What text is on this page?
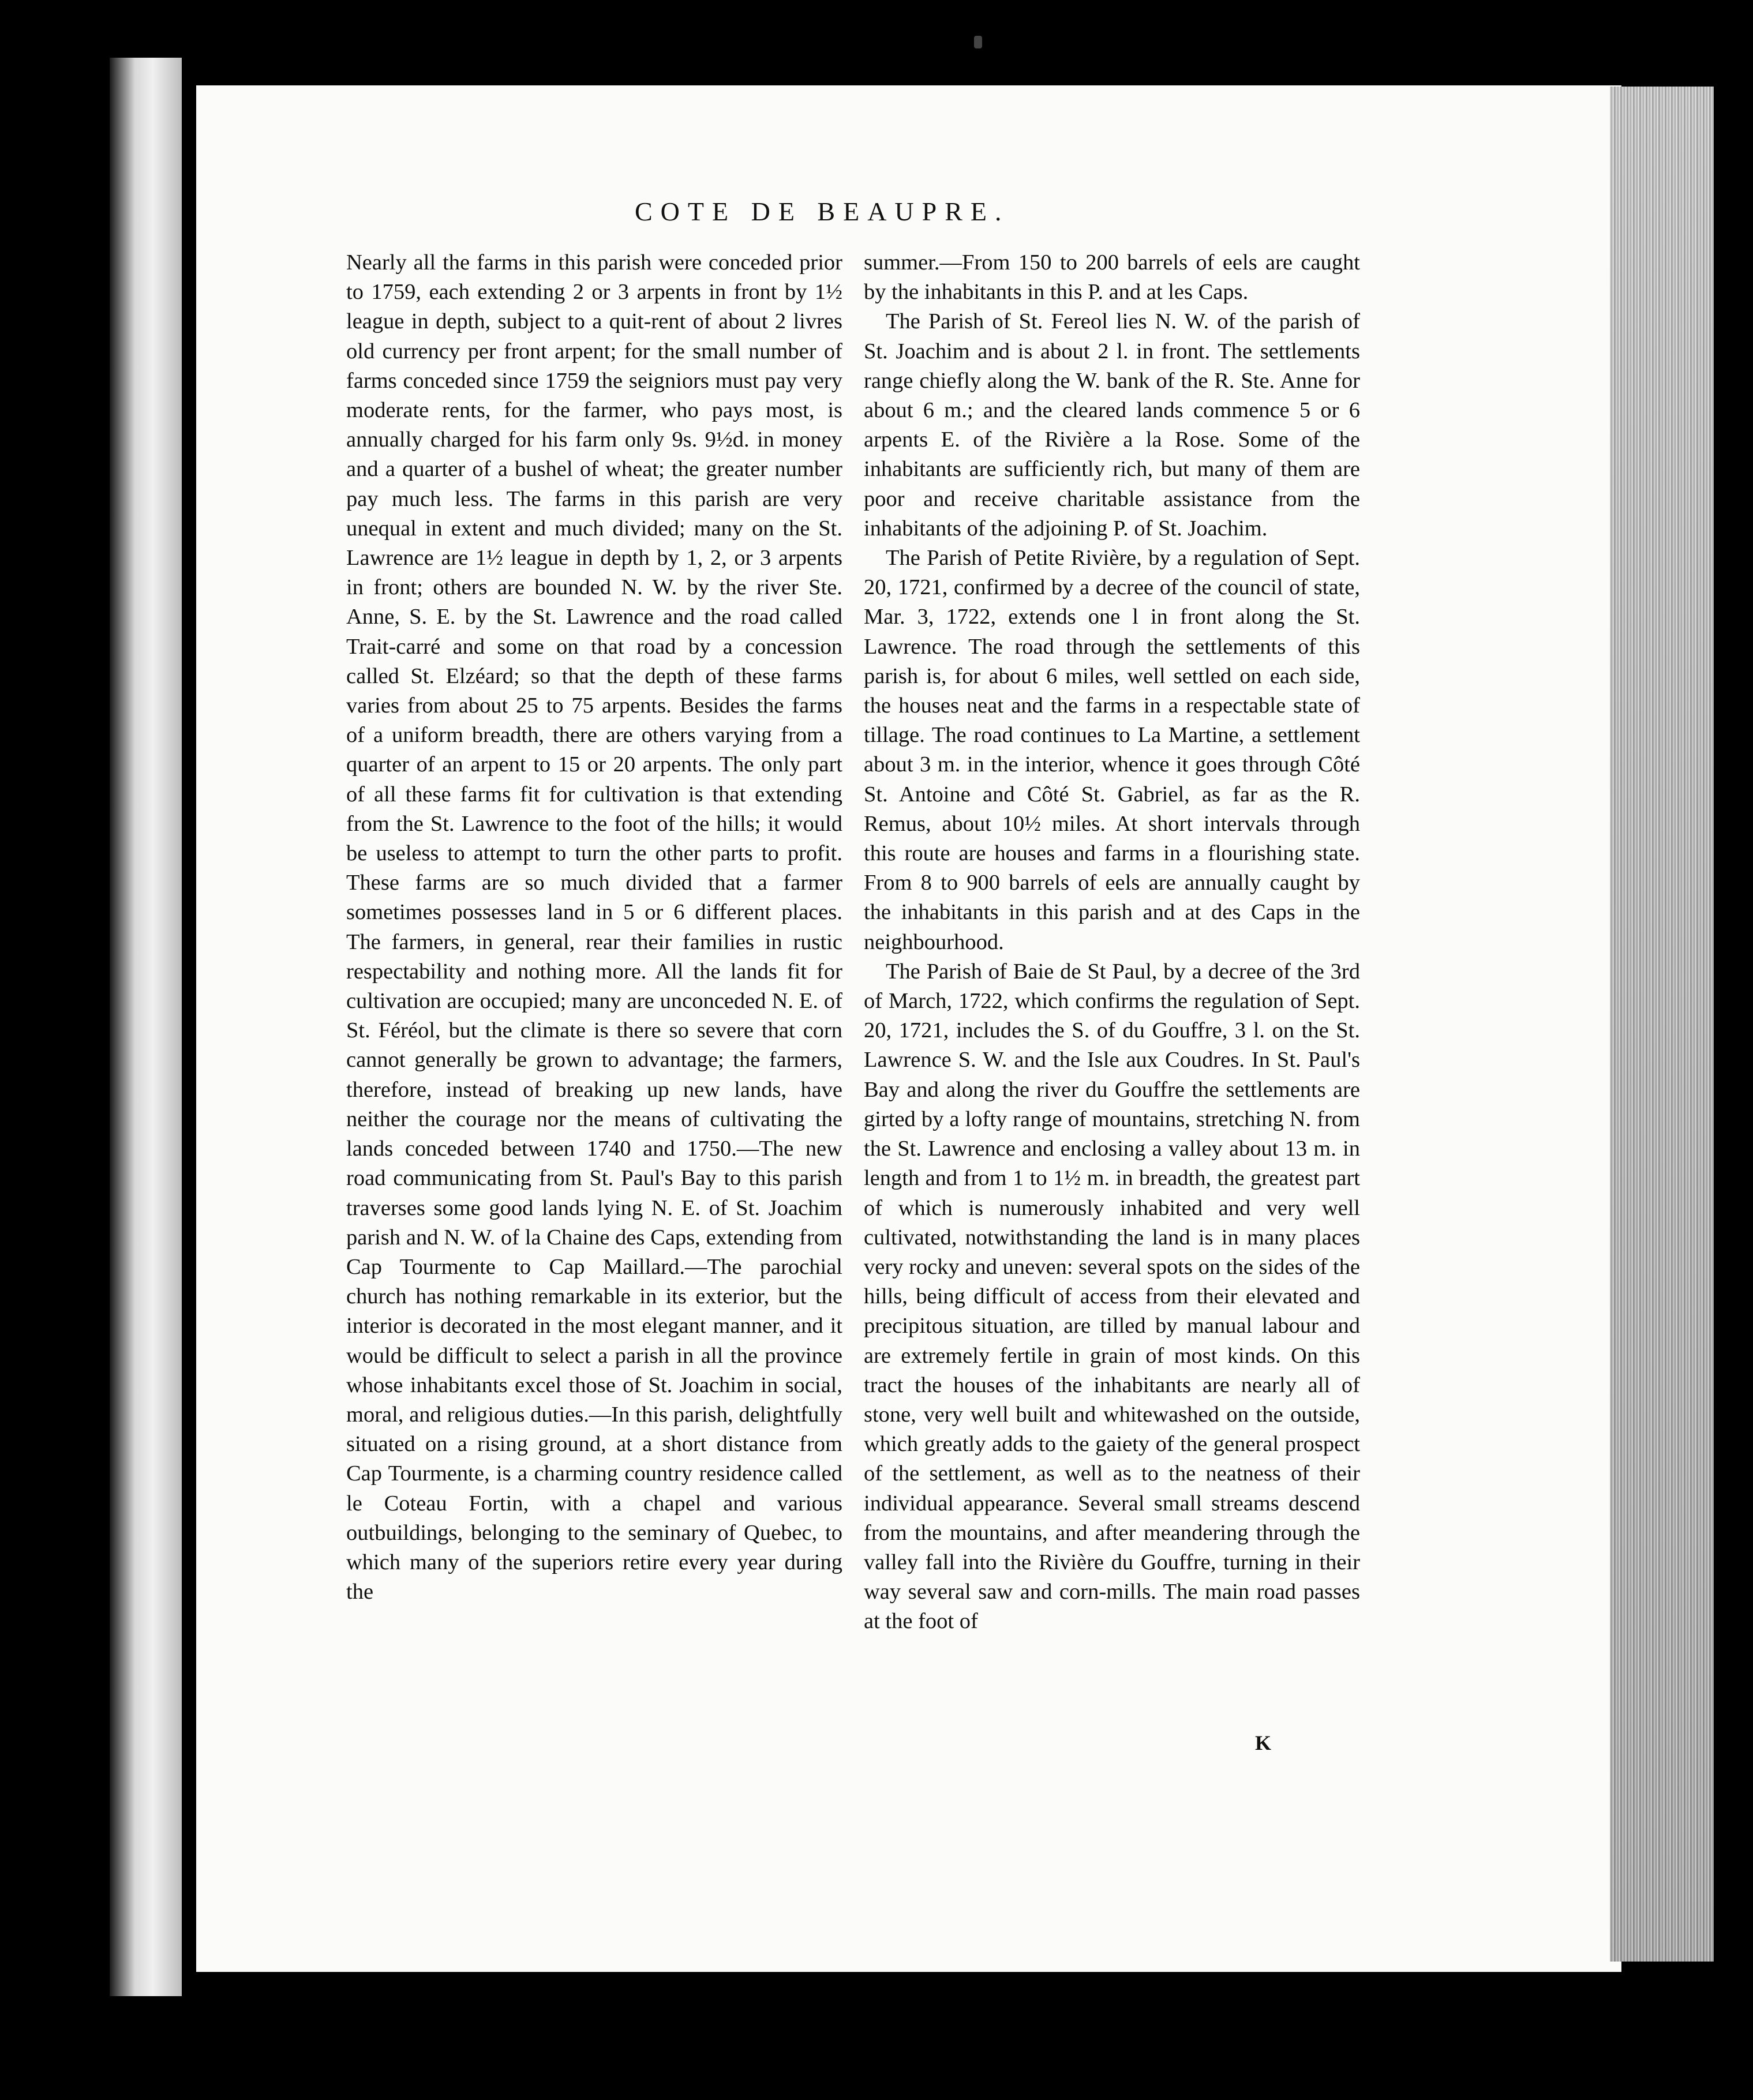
COTE DE BEAUPRE.

Nearly all the farms in this parish were conceded prior to 1759, each extending 2 or 3 arpents in front by 1½ league in depth, subject to a quit-rent of about 2 livres old currency per front arpent; for the small number of farms conceded since 1759 the seigniors must pay very moderate rents, for the farmer, who pays most, is annually charged for his farm only 9s. 9½d. in money and a quarter of a bushel of wheat; the greater number pay much less. The farms in this parish are very unequal in extent and much divided; many on the St. Lawrence are 1½ league in depth by 1, 2, or 3 arpents in front; others are bounded N. W. by the river Ste. Anne, S. E. by the St. Lawrence and the road called Trait-carré and some on that road by a concession called St. Elzéard; so that the depth of these farms varies from about 25 to 75 arpents. Besides the farms of a uniform breadth, there are others varying from a quarter of an arpent to 15 or 20 arpents. The only part of all these farms fit for cultivation is that extending from the St. Lawrence to the foot of the hills; it would be useless to attempt to turn the other parts to profit. These farms are so much divided that a farmer sometimes possesses land in 5 or 6 different places. The farmers, in general, rear their families in rustic respectability and nothing more. All the lands fit for cultivation are occupied; many are unconceded N. E. of St. Féréol, but the climate is there so severe that corn cannot generally be grown to advantage; the farmers, therefore, instead of breaking up new lands, have neither the courage nor the means of cultivating the lands conceded between 1740 and 1750.—The new road communicating from St. Paul's Bay to this parish traverses some good lands lying N. E. of St. Joachim parish and N. W. of la Chaine des Caps, extending from Cap Tourmente to Cap Maillard.—The parochial church has nothing remarkable in its exterior, but the interior is decorated in the most elegant manner, and it would be difficult to select a parish in all the province whose inhabitants excel those of St. Joachim in social, moral, and religious duties.—In this parish, delightfully situated on a rising ground, at a short distance from Cap Tourmente, is a charming country residence called le Coteau Fortin, with a chapel and various outbuildings, belonging to the seminary of Quebec, to which many of the superiors retire every year during the

summer.—From 150 to 200 barrels of eels are caught by the inhabitants in this P. and at les Caps.

The Parish of St. Fereol lies N. W. of the parish of St. Joachim and is about 2 l. in front. The settlements range chiefly along the W. bank of the R. Ste. Anne for about 6 m.; and the cleared lands commence 5 or 6 arpents E. of the Rivière a la Rose. Some of the inhabitants are sufficiently rich, but many of them are poor and receive charitable assistance from the inhabitants of the adjoining P. of St. Joachim.

The Parish of Petite Rivière, by a regulation of Sept. 20, 1721, confirmed by a decree of the council of state, Mar. 3, 1722, extends one l in front along the St. Lawrence. The road through the settlements of this parish is, for about 6 miles, well settled on each side, the houses neat and the farms in a respectable state of tillage. The road continues to La Martine, a settlement about 3 m. in the interior, whence it goes through Côté St. Antoine and Côté St. Gabriel, as far as the R. Remus, about 10½ miles. At short intervals through this route are houses and farms in a flourishing state. From 8 to 900 barrels of eels are annually caught by the inhabitants in this parish and at des Caps in the neighbourhood.

The Parish of Baie de St Paul, by a decree of the 3rd of March, 1722, which confirms the regulation of Sept. 20, 1721, includes the S. of du Gouffre, 3 l. on the St. Lawrence S. W. and the Isle aux Coudres. In St. Paul's Bay and along the river du Gouffre the settlements are girted by a lofty range of mountains, stretching N. from the St. Lawrence and enclosing a valley about 13 m. in length and from 1 to 1½ m. in breadth, the greatest part of which is numerously inhabited and very well cultivated, notwithstanding the land is in many places very rocky and uneven: several spots on the sides of the hills, being difficult of access from their elevated and precipitous situation, are tilled by manual labour and are extremely fertile in grain of most kinds. On this tract the houses of the inhabitants are nearly all of stone, very well built and whitewashed on the outside, which greatly adds to the gaiety of the general prospect of the settlement, as well as to the neatness of their individual appearance. Several small streams descend from the mountains, and after meandering through the valley fall into the Rivière du Gouffre, turning in their way several saw and corn-mills. The main road passes at the foot of

K
